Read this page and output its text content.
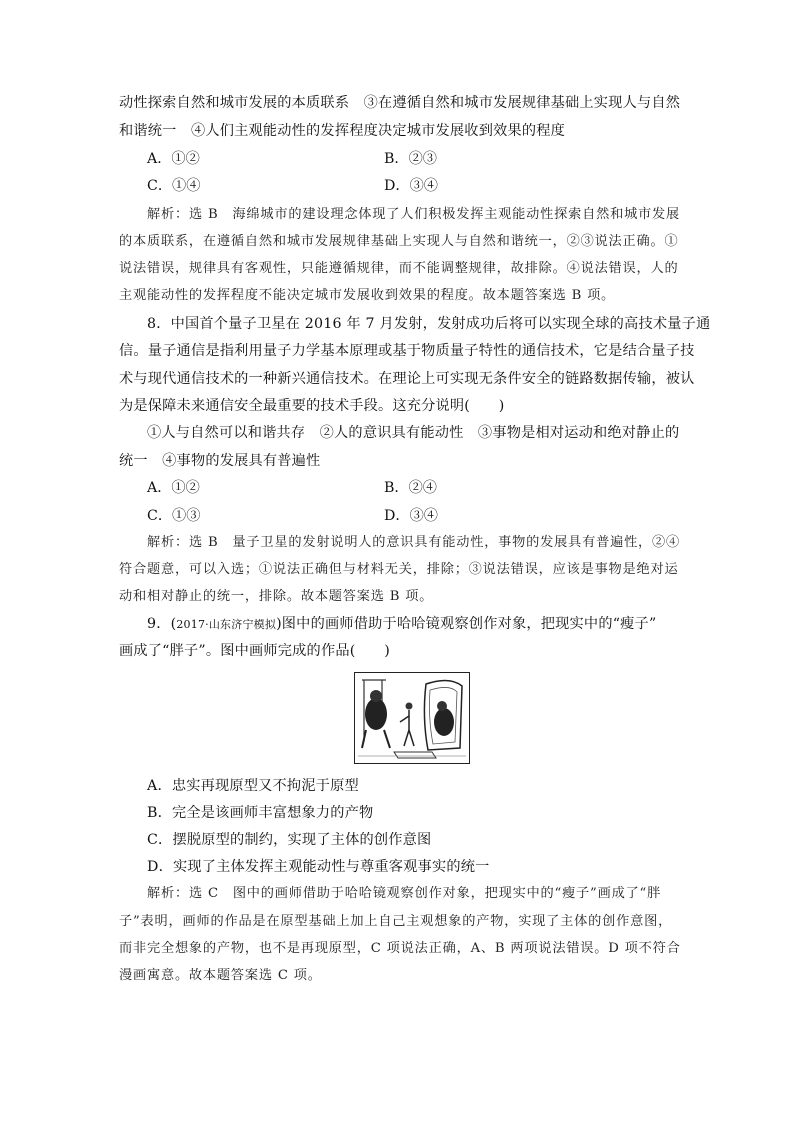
动性探索自然和城市发展的本质联系　③在遵循自然和城市发展规律基础上实现人与自然
和谐统一　④人们主观能动性的发挥程度决定城市发展收到效果的程度
A．①②	B．②③
C．①④	D．③④
解析：选 B　海绵城市的建设理念体现了人们积极发挥主观能动性探索自然和城市发展
的本质联系，在遵循自然和城市发展规律基础上实现人与自然和谐统一，②③说法正确。①
说法错误，规律具有客观性，只能遵循规律，而不能调整规律，故排除。④说法错误，人的
主观能动性的发挥程度不能决定城市发展收到效果的程度。故本题答案选 B 项。
8．中国首个量子卫星在 2016 年 7 月发射，发射成功后将可以实现全球的高技术量子通
信。量子通信是指利用量子力学基本原理或基于物质量子特性的通信技术，它是结合量子技
术与现代通信技术的一种新兴通信技术。在理论上可实现无条件安全的链路数据传输，被认
为是保障未来通信安全最重要的技术手段。这充分说明(　　)
①人与自然可以和谐共存　②人的意识具有能动性　③事物是相对运动和绝对静止的
统一　④事物的发展具有普遍性
A．①②	B．②④
C．①③	D．③④
解析：选 B　量子卫星的发射说明人的意识具有能动性，事物的发展具有普遍性，②④
符合题意，可以入选；①说法正确但与材料无关，排除；③说法错误，应该是事物是绝对运
动和相对静止的统一，排除。故本题答案选 B 项。
9．(2017·山东济宁模拟)图中的画师借助于哈哈镜观察创作对象，把现实中的“瘦子”
画成了“胖子”。图中画师完成的作品(　　)
A．忠实再现原型又不拘泥于原型
B．完全是该画师丰富想象力的产物
C．摆脱原型的制约，实现了主体的创作意图
D．实现了主体发挥主观能动性与尊重客观事实的统一
解析：选 C　图中的画师借助于哈哈镜观察创作对象，把现实中的“瘦子”画成了“胖
子”表明，画师的作品是在原型基础上加上自己主观想象的产物，实现了主体的创作意图，
而非完全想象的产物，也不是再现原型，C 项说法正确，A、B 两项说法错误。D 项不符合
漫画寓意。故本题答案选 C 项。
